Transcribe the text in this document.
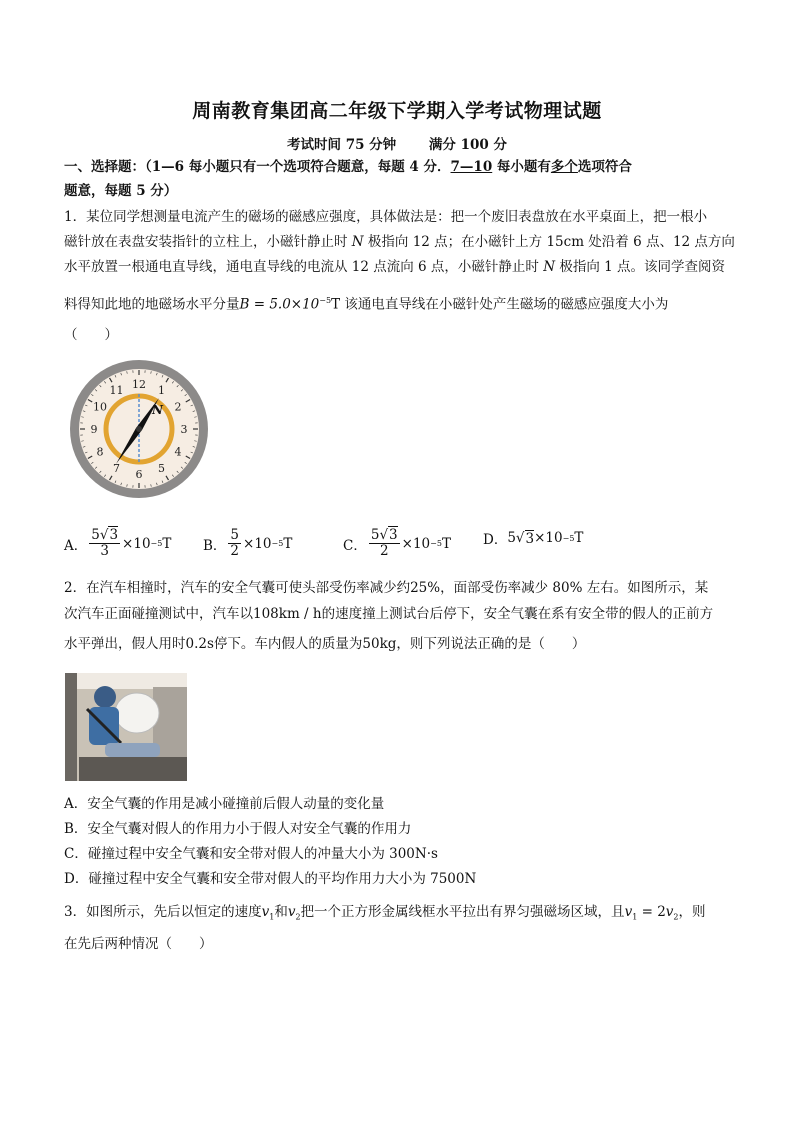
周南教育集团高二年级下学期入学考试物理试题
考试时间 75 分钟 满分 100 分
一、选择题：（1—6 每小题只有一个选项符合题意，每题 4 分．7—10 每小题有多个选项符合
题意，每题 5 分）
1．某位同学想测量电流产生的磁场的磁感应强度，具体做法是：把一个废旧表盘放在水平桌面上，把一根小
磁针放在表盘安装指针的立柱上，小磁针静止时 N 极指向 12 点；在小磁针上方 15cm 处沿着 6 点、12 点方向
水平放置一根通电直导线，通电直导线的电流从 12 点流向 6 点，小磁针静止时 N 极指向 1 点。该同学查阅资
料得知此地的地磁场水平分量$B = 5.0\times 10^{-5}T$ 该通电直导线在小磁针处产生磁场的磁感应强度大小为
（　　）
12 1
2
3
4
5
6
7
8
9
10
11
N
A． $\frac{5√3}{3} \times 10 -5$ T B． $\frac{5}{2} \times 10 -5$ T	C． $\frac{5√3}{2} \times 10 -5$ T D． 5 √ 3 ×10 −5 T
2．在汽车相撞时，汽车的安全气囊可使头部受伤率减少约25%，面部受伤率减少 80% 左右。如图所示，某
次汽车正面碰撞测试中，汽车以108km / h的速度撞上测试台后停下，安全气囊在系有安全带的假人的正前方
水平弹出，假人用时0.2s停下。车内假人的质量为50kg，则下列说法正确的是（　　）
A．安全气囊的作用是减小碰撞前后假人动量的变化量
B．安全气囊对假人的作用力小于假人对安全气囊的作用力
C．碰撞过程中安全气囊和安全带对假人的冲量大小为 300N·s
D．碰撞过程中安全气囊和安全带对假人的平均作用力大小为 7500N
3．如图所示，先后以恒定的速度$v_1$和$v_2$把一个正方形金属线框水平拉出有界匀强磁场区域，且$v_1 = 2v_2$，则
在先后两种情况（　　）
